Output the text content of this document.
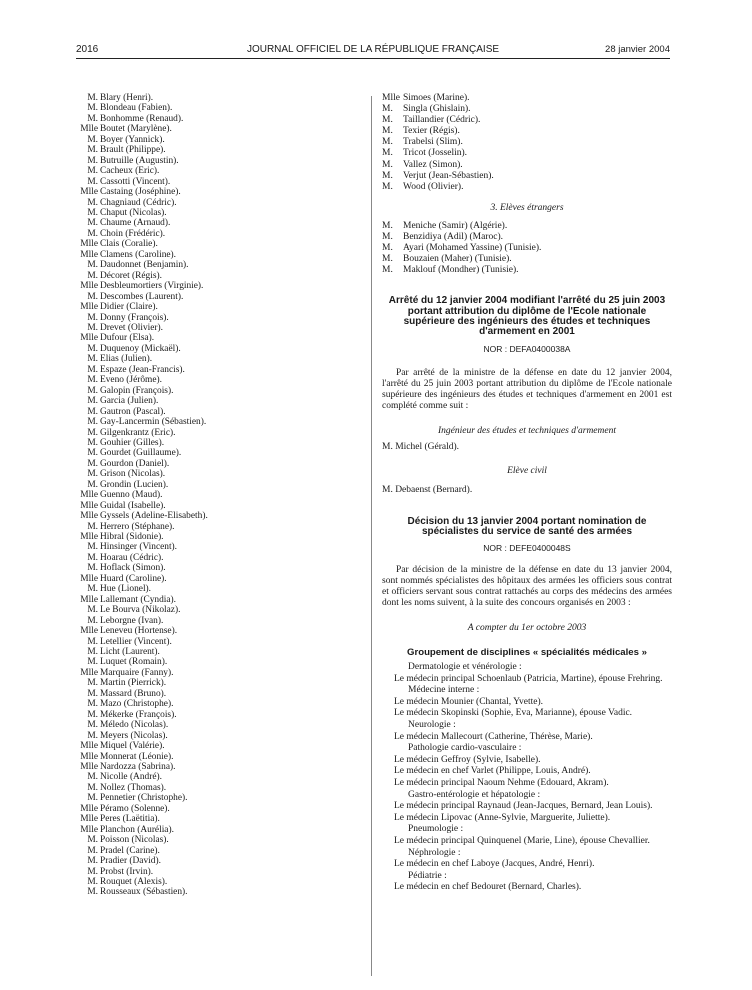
2016	JOURNAL OFFICIEL DE LA RÉPUBLIQUE FRANÇAISE	28 janvier 2004
M. Blary (Henri).
M. Blondeau (Fabien).
M. Bonhomme (Renaud).
Mlle Boutet (Marylène).
M. Boyer (Yannick).
M. Brault (Philippe).
M. Butruille (Augustin).
M. Cacheux (Eric).
M. Cassotti (Vincent).
Mlle Castaing (Joséphine).
M. Chagniaud (Cédric).
M. Chaput (Nicolas).
M. Chaume (Arnaud).
M. Choin (Frédéric).
Mlle Clais (Coralie).
Mlle Clamens (Caroline).
M. Daudonnet (Benjamin).
M. Décoret (Régis).
Mlle Desbleumortiers (Virginie).
M. Descombes (Laurent).
Mlle Didier (Claire).
M. Donny (François).
M. Drevet (Olivier).
Mlle Dufour (Elsa).
M. Duquenoy (Mickaël).
M. Elias (Julien).
M. Espaze (Jean-Francis).
M. Eveno (Jérôme).
M. Galopin (François).
M. Garcia (Julien).
M. Gautron (Pascal).
M. Gay-Lancermin (Sébastien).
M. Gilgenkrantz (Eric).
M. Gouhier (Gilles).
M. Gourdet (Guillaume).
M. Gourdon (Daniel).
M. Grison (Nicolas).
M. Grondin (Lucien).
Mlle Guenno (Maud).
Mlle Guidal (Isabelle).
Mlle Gyssels (Adeline-Elisabeth).
M. Herrero (Stéphane).
Mlle Hibral (Sidonie).
M. Hinsinger (Vincent).
M. Hoarau (Cédric).
M. Hoflack (Simon).
Mlle Huard (Caroline).
M. Hue (Lionel).
Mlle Lallemant (Cyndia).
M. Le Bourva (Nikolaz).
M. Leborgne (Ivan).
Mlle Leneveu (Hortense).
M. Letellier (Vincent).
M. Licht (Laurent).
M. Luquet (Romain).
Mlle Marquaire (Fanny).
M. Martin (Pierrick).
M. Massard (Bruno).
M. Mazo (Christophe).
M. Mékerke (François).
M. Méledo (Nicolas).
M. Meyers (Nicolas).
Mlle Miquel (Valérie).
Mlle Monnerat (Léonie).
Mlle Nardozza (Sabrina).
M. Nicolle (André).
M. Nollez (Thomas).
M. Pennetier (Christophe).
Mlle Péramo (Solenne).
Mlle Peres (Laëtitia).
Mlle Planchon (Aurélia).
M. Poisson (Nicolas).
M. Pradel (Carine).
M. Pradier (David).
M. Probst (Irvin).
M. Rouquet (Alexis).
M. Rousseaux (Sébastien).
Mlle Simoes (Marine).
M. Singla (Ghislain).
M. Taillandier (Cédric).
M. Texier (Régis).
M. Trabelsi (Slim).
M. Tricot (Josselin).
M. Vallez (Simon).
M. Verjut (Jean-Sébastien).
M. Wood (Olivier).
3. Elèves étrangers
M. Meniche (Samir) (Algérie).
M. Benzidiya (Adil) (Maroc).
M. Ayari (Mohamed Yassine) (Tunisie).
M. Bouzaien (Maher) (Tunisie).
M. Maklouf (Mondher) (Tunisie).
Arrêté du 12 janvier 2004 modifiant l'arrêté du 25 juin 2003 portant attribution du diplôme de l'Ecole nationale supérieure des ingénieurs des études et techniques d'armement en 2001
NOR : DEFA0400038A
Par arrêté de la ministre de la défense en date du 12 janvier 2004, l'arrêté du 25 juin 2003 portant attribution du diplôme de l'Ecole nationale supérieure des ingénieurs des études et techniques d'armement en 2001 est complété comme suit :
Ingénieur des études et techniques d'armement
M. Michel (Gérald).
Elève civil
M. Debaenst (Bernard).
Décision du 13 janvier 2004 portant nomination de spécialistes du service de santé des armées
NOR : DEFE0400048S
Par décision de la ministre de la défense en date du 13 janvier 2004, sont nommés spécialistes des hôpitaux des armées les officiers sous contrat et officiers servant sous contrat rattachés au corps des médecins des armées dont les noms suivent, à la suite des concours organisés en 2003 :
A compter du 1er octobre 2003
Groupement de disciplines « spécialités médicales »
Dermatologie et vénérologie :
Le médecin principal Schoenlaub (Patricia, Martine), épouse Frehring.
Médecine interne :
Le médecin Mounier (Chantal, Yvette).
Le médecin Skopinski (Sophie, Eva, Marianne), épouse Vadic.
Neurologie :
Le médecin Mallecourt (Catherine, Thérèse, Marie).
Pathologie cardio-vasculaire :
Le médecin Geffroy (Sylvie, Isabelle).
Le médecin en chef Varlet (Philippe, Louis, André).
Le médecin principal Naoum Nehme (Edouard, Akram).
Gastro-entérologie et hépatologie :
Le médecin principal Raynaud (Jean-Jacques, Bernard, Jean Louis).
Le médecin Lipovac (Anne-Sylvie, Marguerite, Juliette).
Pneumologie :
Le médecin principal Quinquenel (Marie, Line), épouse Chevallier.
Néphrologie :
Le médecin en chef Laboye (Jacques, André, Henri).
Pédiatrie :
Le médecin en chef Bedouret (Bernard, Charles).
